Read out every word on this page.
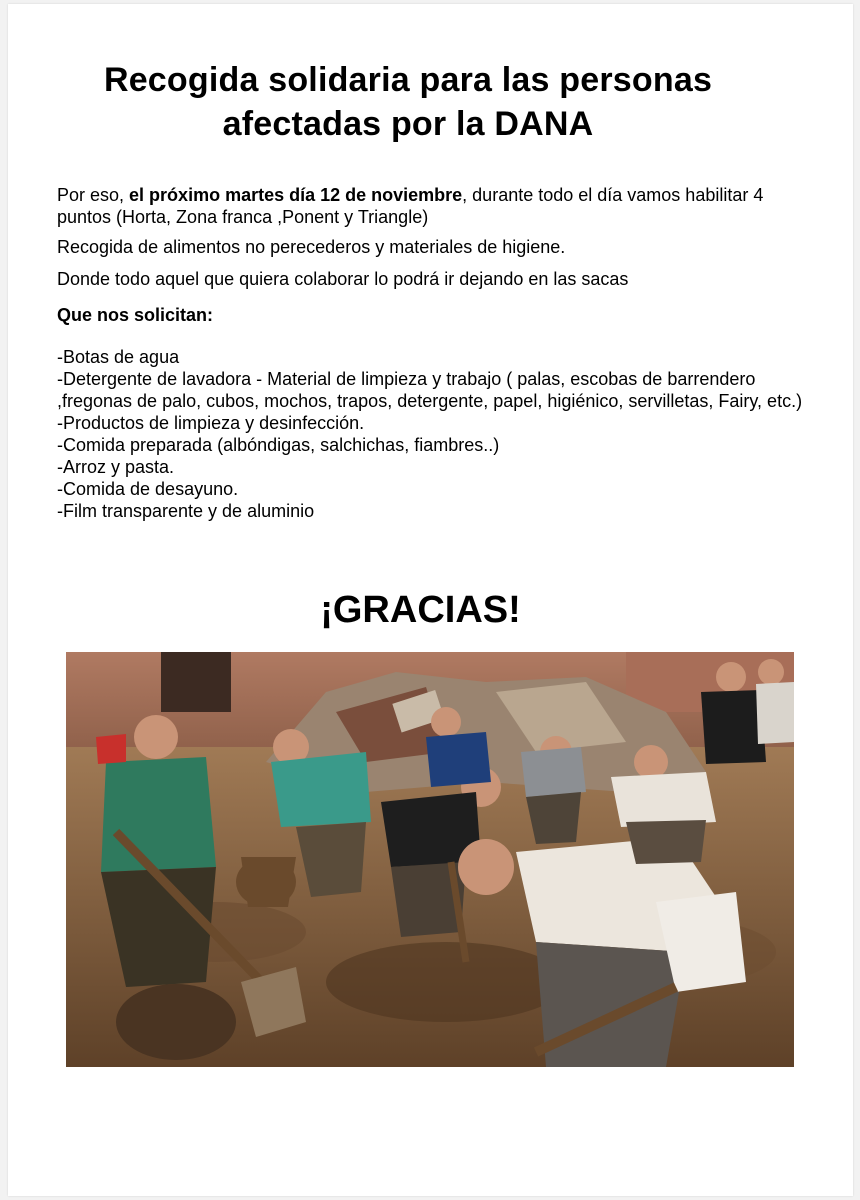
Recogida solidaria para las personas afectadas por la DANA

Por eso, el próximo martes día 12 de noviembre, durante todo el día vamos habilitar 4 puntos (Horta, Zona franca ,Ponent y Triangle)

Recogida de alimentos no perecederos y materiales de higiene.

Donde todo aquel que quiera colaborar lo podrá ir dejando en las sacas

Que nos solicitan:

-Botas de agua
-Detergente de lavadora - Material de limpieza y trabajo ( palas, escobas de barrendero ,fregonas de palo, cubos, mochos, trapos, detergente, papel, higiénico, servilletas, Fairy, etc.)
-Productos de limpieza y desinfección.
-Comida preparada (albóndigas, salchichas, fiambres..)
-Arroz y pasta.
-Comida de desayuno.
-Film transparente y de aluminio
¡GRACIAS!
